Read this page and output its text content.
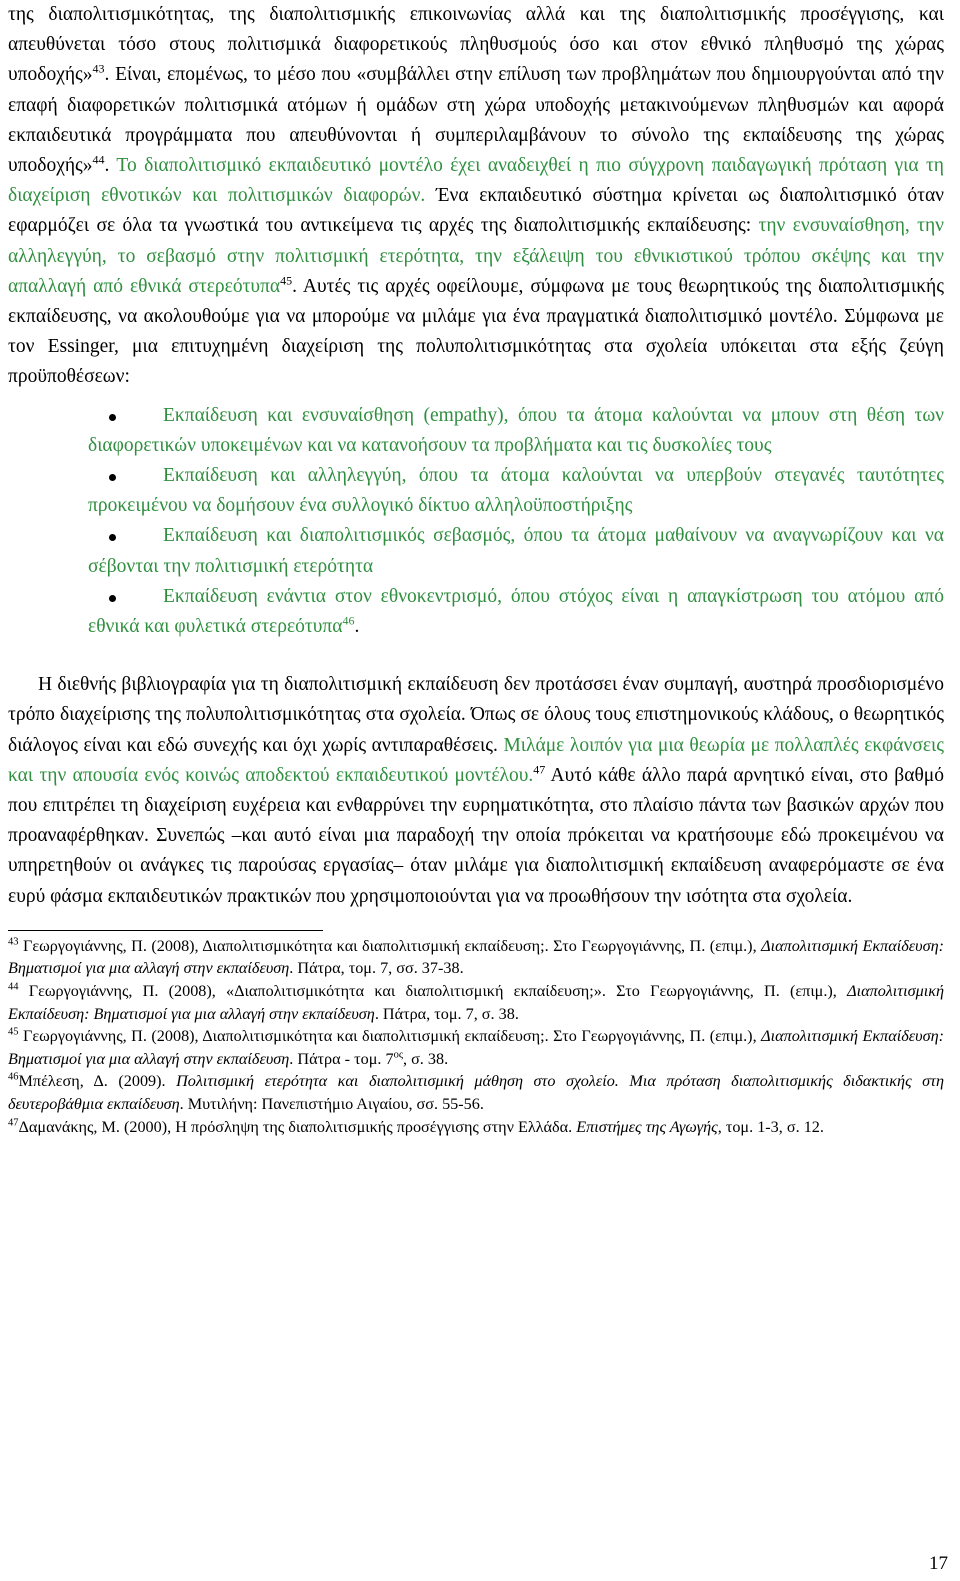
της διαπολιτισμικότητας, της διαπολιτισμικής επικοινωνίας αλλά και της διαπολιτισμικής προσέγγισης, και απευθύνεται τόσο στους πολιτισμικά διαφορετικούς πληθυσμούς όσο και στον εθνικό πληθυσμό της χώρας υποδοχής»$^{43}$. Είναι, επομένως, το μέσο που «συμβάλλει στην επίλυση των προβλημάτων που δημιουργούνται από την επαφή διαφορετικών πολιτισμικά ατόμων ή ομάδων στη χώρα υποδοχής μετακινούμενων πληθυσμών και αφορά εκπαιδευτικά προγράμματα που απευθύνονται ή συμπεριλαμβάνουν το σύνολο της εκπαίδευσης της χώρας υποδοχής»$^{44}$. Το διαπολιτισμικό εκπαιδευτικό μοντέλο έχει αναδειχθεί η πιο σύγχρονη παιδαγωγική πρόταση για τη διαχείριση εθνοτικών και πολιτισμικών διαφορών. Ένα εκπαιδευτικό σύστημα κρίνεται ως διαπολιτισμικό όταν εφαρμόζει σε όλα τα γνωστικά του αντικείμενα τις αρχές της διαπολιτισμικής εκπαίδευσης: την ενσυναίσθηση, την αλληλεγγύη, το σεβασμό στην πολιτισμική ετερότητα, την εξάλειψη του εθνικιστικού τρόπου σκέψης και την απαλλαγή από εθνικά στερεότυπα$^{45}$. Αυτές τις αρχές οφείλουμε, σύμφωνα με τους θεωρητικούς της διαπολιτισμικής εκπαίδευσης, να ακολουθούμε για να μπορούμε να μιλάμε για ένα πραγματικά διαπολιτισμικό μοντέλο. Σύμφωνα με τον Essinger, μια επιτυχημένη διαχείριση της πολυπολιτισμικότητας στα σχολεία υπόκειται στα εξής ζεύγη προϋποθέσεων:

Εκπαίδευση και ενσυναίσθηση (empathy), όπου τα άτομα καλούνται να μπουν στη θέση των διαφορετικών υποκειμένων και να κατανοήσουν τα προβλήματα και τις δυσκολίες τους
Εκπαίδευση και αλληλεγγύη, όπου τα άτομα καλούνται να υπερβούν στεγανές ταυτότητες προκειμένου να δομήσουν ένα συλλογικό δίκτυο αλληλοϋποστήριξης
Εκπαίδευση και διαπολιτισμικός σεβασμός, όπου τα άτομα μαθαίνουν να αναγνωρίζουν και να σέβονται την πολιτισμική ετερότητα
Εκπαίδευση ενάντια στον εθνοκεντρισμό, όπου στόχος είναι η απαγκίστρωση του ατόμου από εθνικά και φυλετικά στερεότυπα$^{46}$.

Η διεθνής βιβλιογραφία για τη διαπολιτισμική εκπαίδευση δεν προτάσσει έναν συμπαγή, αυστηρά προσδιορισμένο τρόπο διαχείρισης της πολυπολιτισμικότητας στα σχολεία. Όπως σε όλους τους επιστημονικούς κλάδους, ο θεωρητικός διάλογος είναι και εδώ συνεχής και όχι χωρίς αντιπαραθέσεις. Μιλάμε λοιπόν για μια θεωρία με πολλαπλές εκφάνσεις και την απουσία ενός κοινώς αποδεκτού εκπαιδευτικού μοντέλου.$^{47}$ Αυτό κάθε άλλο παρά αρνητικό είναι, στο βαθμό που επιτρέπει τη διαχείριση ευχέρεια και ενθαρρύνει την ευρηματικότητα, στο πλαίσιο πάντα των βασικών αρχών που προαναφέρθηκαν. Συνεπώς –και αυτό είναι μια παραδοχή την οποία πρόκειται να κρατήσουμε εδώ προκειμένου να υπηρετηθούν οι ανάγκες τις παρούσας εργασίας– όταν μιλάμε για διαπολιτισμική εκπαίδευση αναφερόμαστε σε ένα ευρύ φάσμα εκπαιδευτικών πρακτικών που χρησιμοποιούνται για να προωθήσουν την ισότητα στα σχολεία.

$^{43}$ Γεωργογιάννης, Π. (2008), Διαπολιτισμικότητα και διαπολιτισμική εκπαίδευση;. Στο Γεωργογιάννης, Π. (επιμ.), Διαπολιτισμική Εκπαίδευση: Βηματισμοί για μια αλλαγή στην εκπαίδευση. Πάτρα, τομ. 7, σσ. 37-38.

$^{44}$ Γεωργογιάννης, Π. (2008), «Διαπολιτισμικότητα και διαπολιτισμική εκπαίδευση;». Στο Γεωργογιάννης, Π. (επιμ.), Διαπολιτισμική Εκπαίδευση: Βηματισμοί για μια αλλαγή στην εκπαίδευση. Πάτρα, τομ. 7, σ. 38.

$^{45}$ Γεωργογιάννης, Π. (2008), Διαπολιτισμικότητα και διαπολιτισμική εκπαίδευση;. Στο Γεωργογιάννης, Π. (επιμ.), Διαπολιτισμική Εκπαίδευση: Βηματισμοί για μια αλλαγή στην εκπαίδευση. Πάτρα - τομ. $7^{o\varsigma}$, σ. 38.

$^{46}$Μπέλεση, Δ. (2009). Πολιτισμική ετερότητα και διαπολιτισμική μάθηση στο σχολείο. Μια πρόταση διαπολιτισμικής διδακτικής στη δευτεροβάθμια εκπαίδευση. Μυτιλήνη: Πανεπιστήμιο Αιγαίου, σσ. 55-56.

$^{47}$Δαμανάκης, Μ. (2000), Η πρόσληψη της διαπολιτισμικής προσέγγισης στην Ελλάδα. Επιστήμες της Αγωγής, τομ. 1-3, σ. 12.

17
